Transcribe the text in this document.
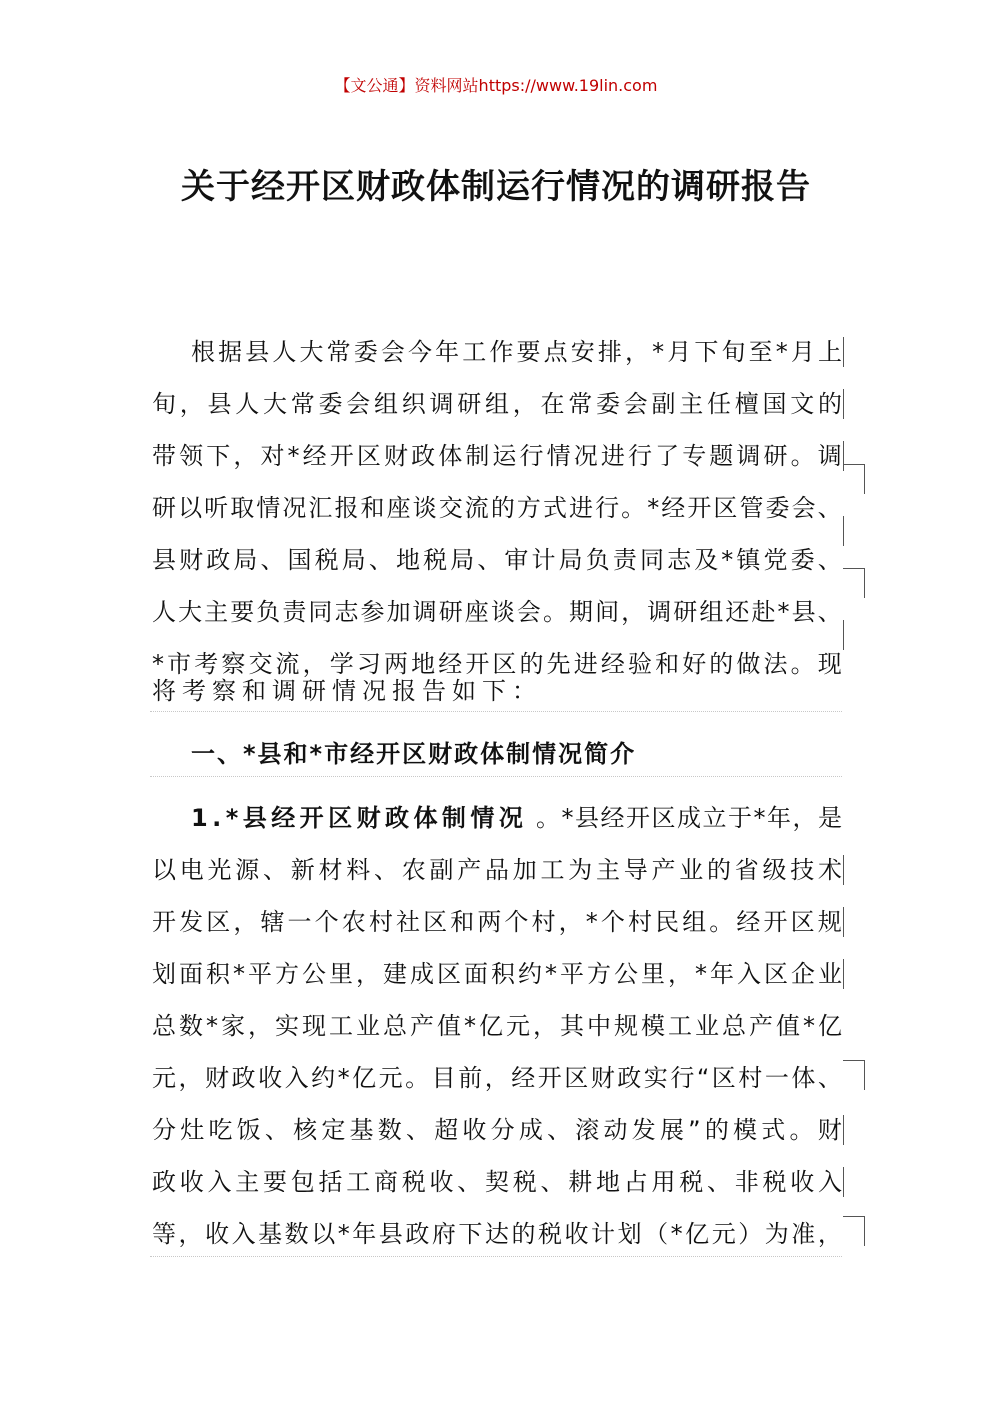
【文公通】资料网站https://www.19lin.com
关于经开区财政体制运行情况的调研报告
根 据 县 人 大 常 委 会 今 年 工 作 要 点 安 排 ， * 月 下 旬 至 * 月 上
旬 ， 县 人 大 常 委 会 组 织 调 研 组 ， 在 常 委 会 副 主 任 檀 国 文 的
带 领 下 ， 对 * 经 开 区 财 政 体 制 运 行 情 况 进 行 了 专 题 调 研 。 调
研 以 听 取 情 况 汇 报 和 座 谈 交 流 的 方 式 进 行 。 * 经 开 区 管 委 会 、
县 财 政 局 、 国 税 局 、 地 税 局 、 审 计 局 负 责 同 志 及 * 镇 党 委 、
人 大 主 要 负 责 同 志 参 加 调 研 座 谈 会 。 期 间 ， 调 研 组 还 赴 * 县 、
* 市 考 察 交 流 ， 学 习 两 地 经 开 区 的 先 进 经 验 和 好 的 做 法 。 现
将考察和调研情况报告如下：
一、*县和*市经开区财政体制情况简介
1 . * 县 经 开 区 财 政 体 制 情 况 。 * 县 经 开 区 成 立 于 * 年 ， 是
以 电 光 源 、 新 材 料 、 农 副 产 品 加 工 为 主 导 产 业 的 省 级 技 术
开 发 区 ， 辖 一 个 农 村 社 区 和 两 个 村 ， * 个 村 民 组 。 经 开 区 规
划 面 积 * 平 方 公 里 ， 建 成 区 面 积 约 * 平 方 公 里 ， * 年 入 区 企 业
总 数 * 家 ， 实 现 工 业 总 产 值 * 亿 元 ， 其 中 规 模 工 业 总 产 值 * 亿
元 ， 财 政 收 入 约 * 亿 元 。 目 前 ， 经 开 区 财 政 实 行 “ 区 村 一 体 、
分 灶 吃 饭 、 核 定 基 数 、 超 收 分 成 、 滚 动 发 展 ” 的 模 式 。 财
政 收 入 主 要 包 括 工 商 税 收 、 契 税 、 耕 地 占 用 税 、 非 税 收 入
等 ， 收 入 基 数 以 * 年 县 政 府 下 达 的 税 收 计 划 （ * 亿 元 ） 为 准 ，
